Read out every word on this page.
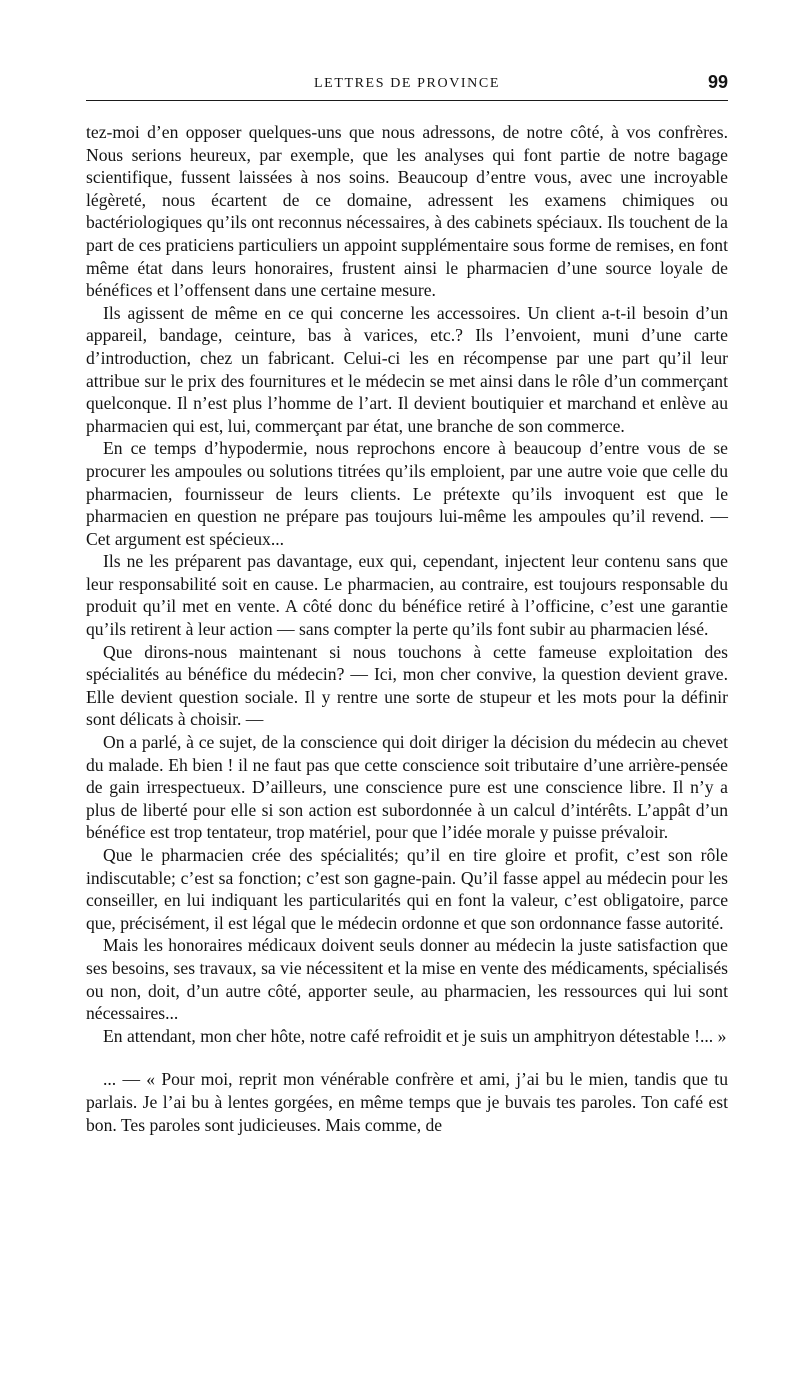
LETTRES DE PROVINCE	99

tez-moi d’en opposer quelques-uns que nous adressons, de notre côté, à vos confrères. Nous serions heureux, par exemple, que les analyses qui font partie de notre bagage scientifique, fussent laissées à nos soins. Beaucoup d’entre vous, avec une incroyable légèreté, nous écartent de ce domaine, adressent les examens chimiques ou bactériologiques qu’ils ont reconnus nécessaires, à des cabinets spéciaux. Ils touchent de la part de ces praticiens particuliers un appoint supplémentaire sous forme de remises, en font même état dans leurs honoraires, frustent ainsi le pharmacien d’une source loyale de bénéfices et l’offensent dans une certaine mesure.

Ils agissent de même en ce qui concerne les accessoires. Un client a-t-il besoin d’un appareil, bandage, ceinture, bas à varices, etc.? Ils l’envoient, muni d’une carte d’introduction, chez un fabricant. Celui-ci les en récompense par une part qu’il leur attribue sur le prix des fournitures et le médecin se met ainsi dans le rôle d’un commerçant quelconque. Il n’est plus l’homme de l’art. Il devient boutiquier et marchand et enlève au pharmacien qui est, lui, commerçant par état, une branche de son commerce.

En ce temps d’hypodermie, nous reprochons encore à beaucoup d’entre vous de se procurer les ampoules ou solutions titrées qu’ils emploient, par une autre voie que celle du pharmacien, fournisseur de leurs clients. Le prétexte qu’ils invoquent est que le pharmacien en question ne prépare pas toujours lui-même les ampoules qu’il revend. — Cet argument est spécieux...

Ils ne les préparent pas davantage, eux qui, cependant, injectent leur contenu sans que leur responsabilité soit en cause. Le pharmacien, au contraire, est toujours responsable du produit qu’il met en vente. A côté donc du bénéfice retiré à l’officine, c’est une garantie qu’ils retirent à leur action — sans compter la perte qu’ils font subir au pharmacien lésé.

Que dirons-nous maintenant si nous touchons à cette fameuse exploitation des spécialités au bénéfice du médecin? — Ici, mon cher convive, la question devient grave. Elle devient question sociale. Il y rentre une sorte de stupeur et les mots pour la définir sont délicats à choisir. —

On a parlé, à ce sujet, de la conscience qui doit diriger la décision du médecin au chevet du malade. Eh bien ! il ne faut pas que cette conscience soit tributaire d’une arrière-pensée de gain irrespectueux. D’ailleurs, une conscience pure est une conscience libre. Il n’y a plus de liberté pour elle si son action est subordonnée à un calcul d’intérêts. L’appât d’un bénéfice est trop tentateur, trop matériel, pour que l’idée morale y puisse prévaloir.

Que le pharmacien crée des spécialités; qu’il en tire gloire et profit, c’est son rôle indiscutable; c’est sa fonction; c’est son gagne-pain. Qu’il fasse appel au médecin pour les conseiller, en lui indiquant les particularités qui en font la valeur, c’est obligatoire, parce que, précisément, il est légal que le médecin ordonne et que son ordonnance fasse autorité.

Mais les honoraires médicaux doivent seuls donner au médecin la juste satisfaction que ses besoins, ses travaux, sa vie nécessitent et la mise en vente des médicaments, spécialisés ou non, doit, d’un autre côté, apporter seule, au pharmacien, les ressources qui lui sont nécessaires...

En attendant, mon cher hôte, notre café refroidit et je suis un amphitryon détestable !... »

... — « Pour moi, reprit mon vénérable confrère et ami, j’ai bu le mien, tandis que tu parlais. Je l’ai bu à lentes gorgées, en même temps que je buvais tes paroles. Ton café est bon. Tes paroles sont judicieuses. Mais comme, de
